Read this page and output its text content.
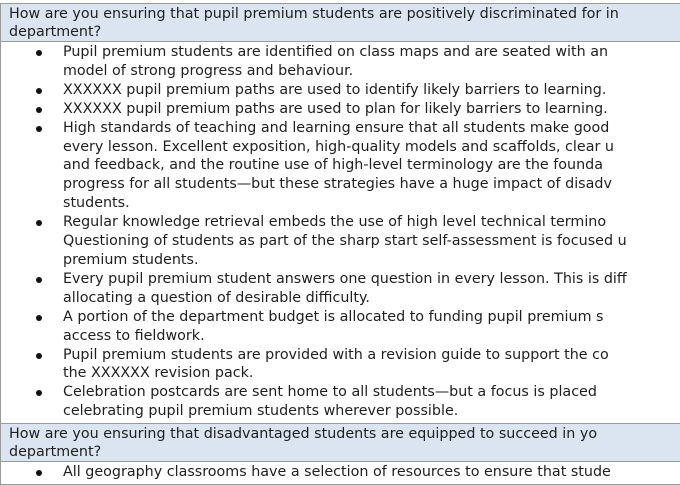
How are you ensuring that pupil premium students are positively discriminated for in
department?

Pupil premium students are identified on class maps and are seated with an
model of strong progress and behaviour.
XXXXXX pupil premium paths are used to identify likely barriers to learning.
XXXXXX pupil premium paths are used to plan for likely barriers to learning.
High standards of teaching and learning ensure that all students make good
every lesson. Excellent exposition, high-quality models and scaffolds, clear u
and feedback, and the routine use of high-level terminology are the founda
progress for all students—but these strategies have a huge impact of disadv
students.
Regular knowledge retrieval embeds the use of high level technical termino
Questioning of students as part of the sharp start self-assessment is focused u
premium students.
Every pupil premium student answers one question in every lesson. This is diff
allocating a question of desirable difficulty.
A portion of the department budget is allocated to funding pupil premium s
access to fieldwork.
Pupil premium students are provided with a revision guide to support the co
the XXXXXX revision pack.
Celebration postcards are sent home to all students—but a focus is placed
celebrating pupil premium students wherever possible.

How are you ensuring that disadvantaged students are equipped to succeed in yo
department?

All geography classrooms have a selection of resources to ensure that stude
